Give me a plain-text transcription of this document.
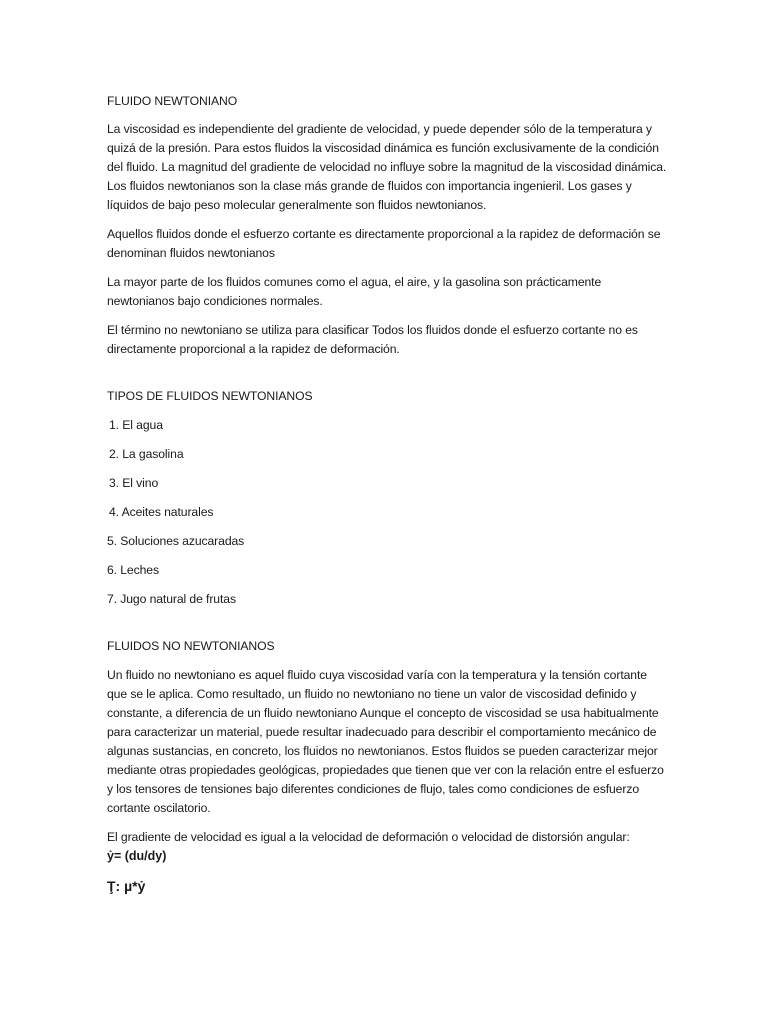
FLUIDO NEWTONIANO

La viscosidad es independiente del gradiente de velocidad, y puede depender sólo de la temperatura y quizá de la presión. Para estos fluidos la viscosidad dinámica es función exclusivamente de la condición del fluido. La magnitud del gradiente de velocidad no influye sobre la magnitud de la viscosidad dinámica. Los fluidos newtonianos son la clase más grande de fluidos con importancia ingenieril. Los gases y líquidos de bajo peso molecular generalmente son fluidos newtonianos.

Aquellos fluidos donde el esfuerzo cortante es directamente proporcional a la rapidez de deformación se denominan fluidos newtonianos

La mayor parte de los fluidos comunes como el agua, el aire, y la gasolina son prácticamente newtonianos bajo condiciones normales.

El término no newtoniano se utiliza para clasificar Todos los fluidos donde el esfuerzo cortante no es directamente proporcional a la rapidez de deformación.

TIPOS DE FLUIDOS NEWTONIANOS

1. El agua
2. La gasolina
3. El vino
4. Aceites naturales
5. Soluciones azucaradas
6. Leches
7. Jugo natural de frutas

FLUIDOS NO NEWTONIANOS

Un fluido no newtoniano es aquel fluido cuya viscosidad varía con la temperatura y la tensión cortante que se le aplica. Como resultado, un fluido no newtoniano no tiene un valor de viscosidad definido y constante, a diferencia de un fluido newtoniano Aunque el concepto de viscosidad se usa habitualmente para caracterizar un material, puede resultar inadecuado para describir el comportamiento mecánico de algunas sustancias, en concreto, los fluidos no newtonianos. Estos fluidos se pueden caracterizar mejor mediante otras propiedades geológicas, propiedades que tienen que ver con la relación entre el esfuerzo y los tensores de tensiones bajo diferentes condiciones de flujo, tales como condiciones de esfuerzo cortante oscilatorio.

El gradiente de velocidad es igual a la velocidad de deformación o velocidad de distorsión angular:

ẏ= (du/dy)

Ţ: µ*ẏ
